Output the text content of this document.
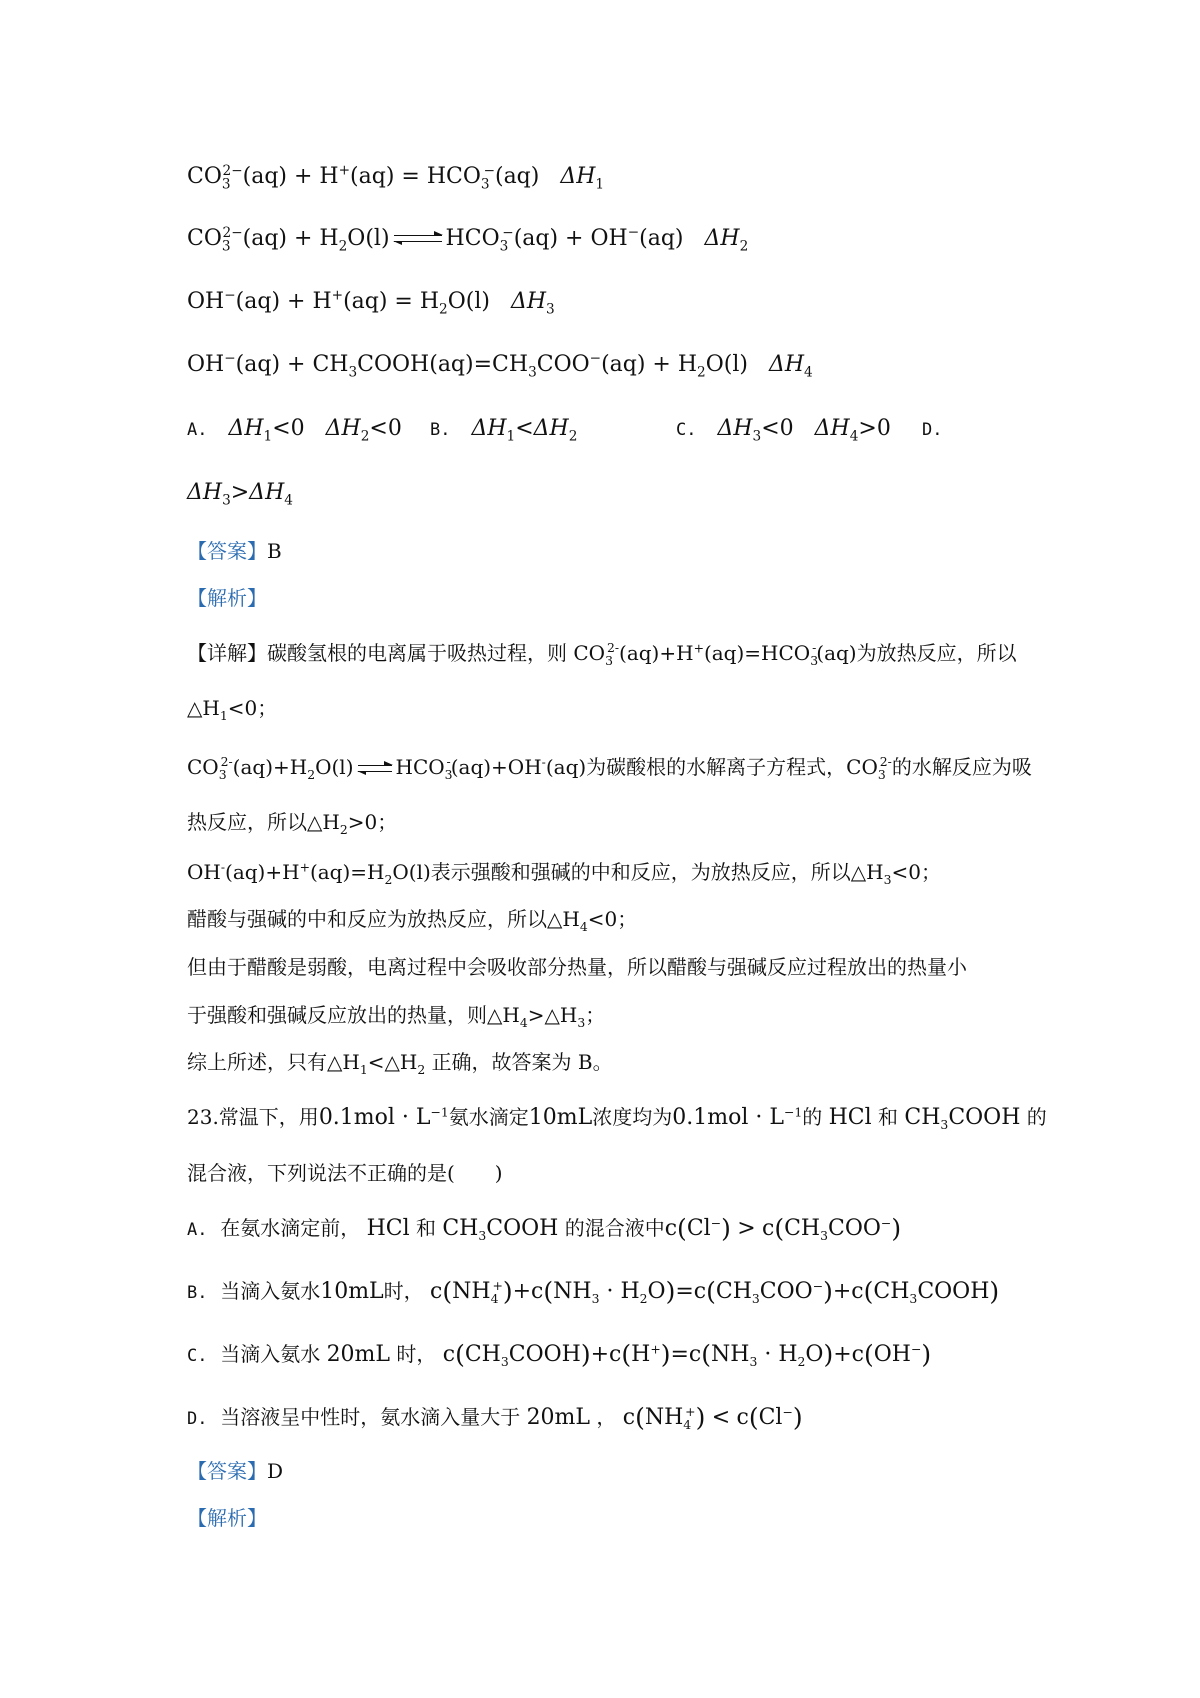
$CO_3^{2-}(aq) + H^+(aq) = HCO_3^-(aq)$ $\Delta H_1$
$CO_3^{2-}(aq) + H_2O(l)$	$HCO_3^-(aq) + OH^-(aq)$ $\Delta H_2$
$OH^-(aq) + H^+(aq) = H_2O(l)$ $\Delta H_3$
$OH^-(aq) + CH_3COOH(aq)=CH_3COO^-(aq) + H_2O(l)$ $\Delta H_4$
A. $\Delta H_1<0$ $\Delta H_2<0$ B. $\Delta H_1<\Delta H_2$	C. $\Delta H_3<0$ $\Delta H_4>0$ D.
$\Delta H_3>\Delta H_4$
【答案】B
【解析】
【详解】碳酸氢根的电离属于吸热过程，则 $CO_3^{2-}(aq)+H^+(aq)=HCO_3^-(aq)$为放热反应，所以
$\triangle H_1<0$；
$CO_3^{2-}(aq)+H_2O(l)$ $HCO_3^-(aq)+OH^-(aq)$为碳酸根的水解离子方程式，$CO_3^{2-}$的水解反应为吸
热反应，所以$\triangle H_2>0$；
$OH^-(aq)+H^+(aq)=H_2O(l)$表示强酸和强碱的中和反应，为放热反应，所以$\triangle H_3<0$；
醋酸与强碱的中和反应为放热反应，所以$\triangle H_4<0$；
但由于醋酸是弱酸，电离过程中会吸收部分热量，所以醋酸与强碱反应过程放出的热量小
于强酸和强碱反应放出的热量，则$\triangle H_4>\triangle H_3$；
综上所述，只有$\triangle H_1<\triangle H_2$ 正确，故答案为 B。
23.常温下，用$0.1mol \cdot L^{-1}$氨水滴定10mL浓度均为$0.1mol \cdot L^{-1}$的 HCl 和 $CH_3COOH$ 的
混合液，下列说法不正确的是(　　)
A. 在氨水滴定前， HCl 和 $CH_3COOH$ 的混合液中$c(Cl^-) > c(CH_3COO^-)$
B. 当滴入氨水10mL时， $c(NH_4^+)+c(NH_3$ · $H_2O)=c(CH_3COO^-)+c(CH_3COOH)$
C. 当滴入氨水 20mL 时， $c(CH_3COOH)+c(H^+)=c(NH_3 \cdot H_2O)+c(OH^-)$
D. 当溶液呈中性时，氨水滴入量大于 20mL ， $c(NH_4^+) < c(Cl^-)$
【答案】D
【解析】
